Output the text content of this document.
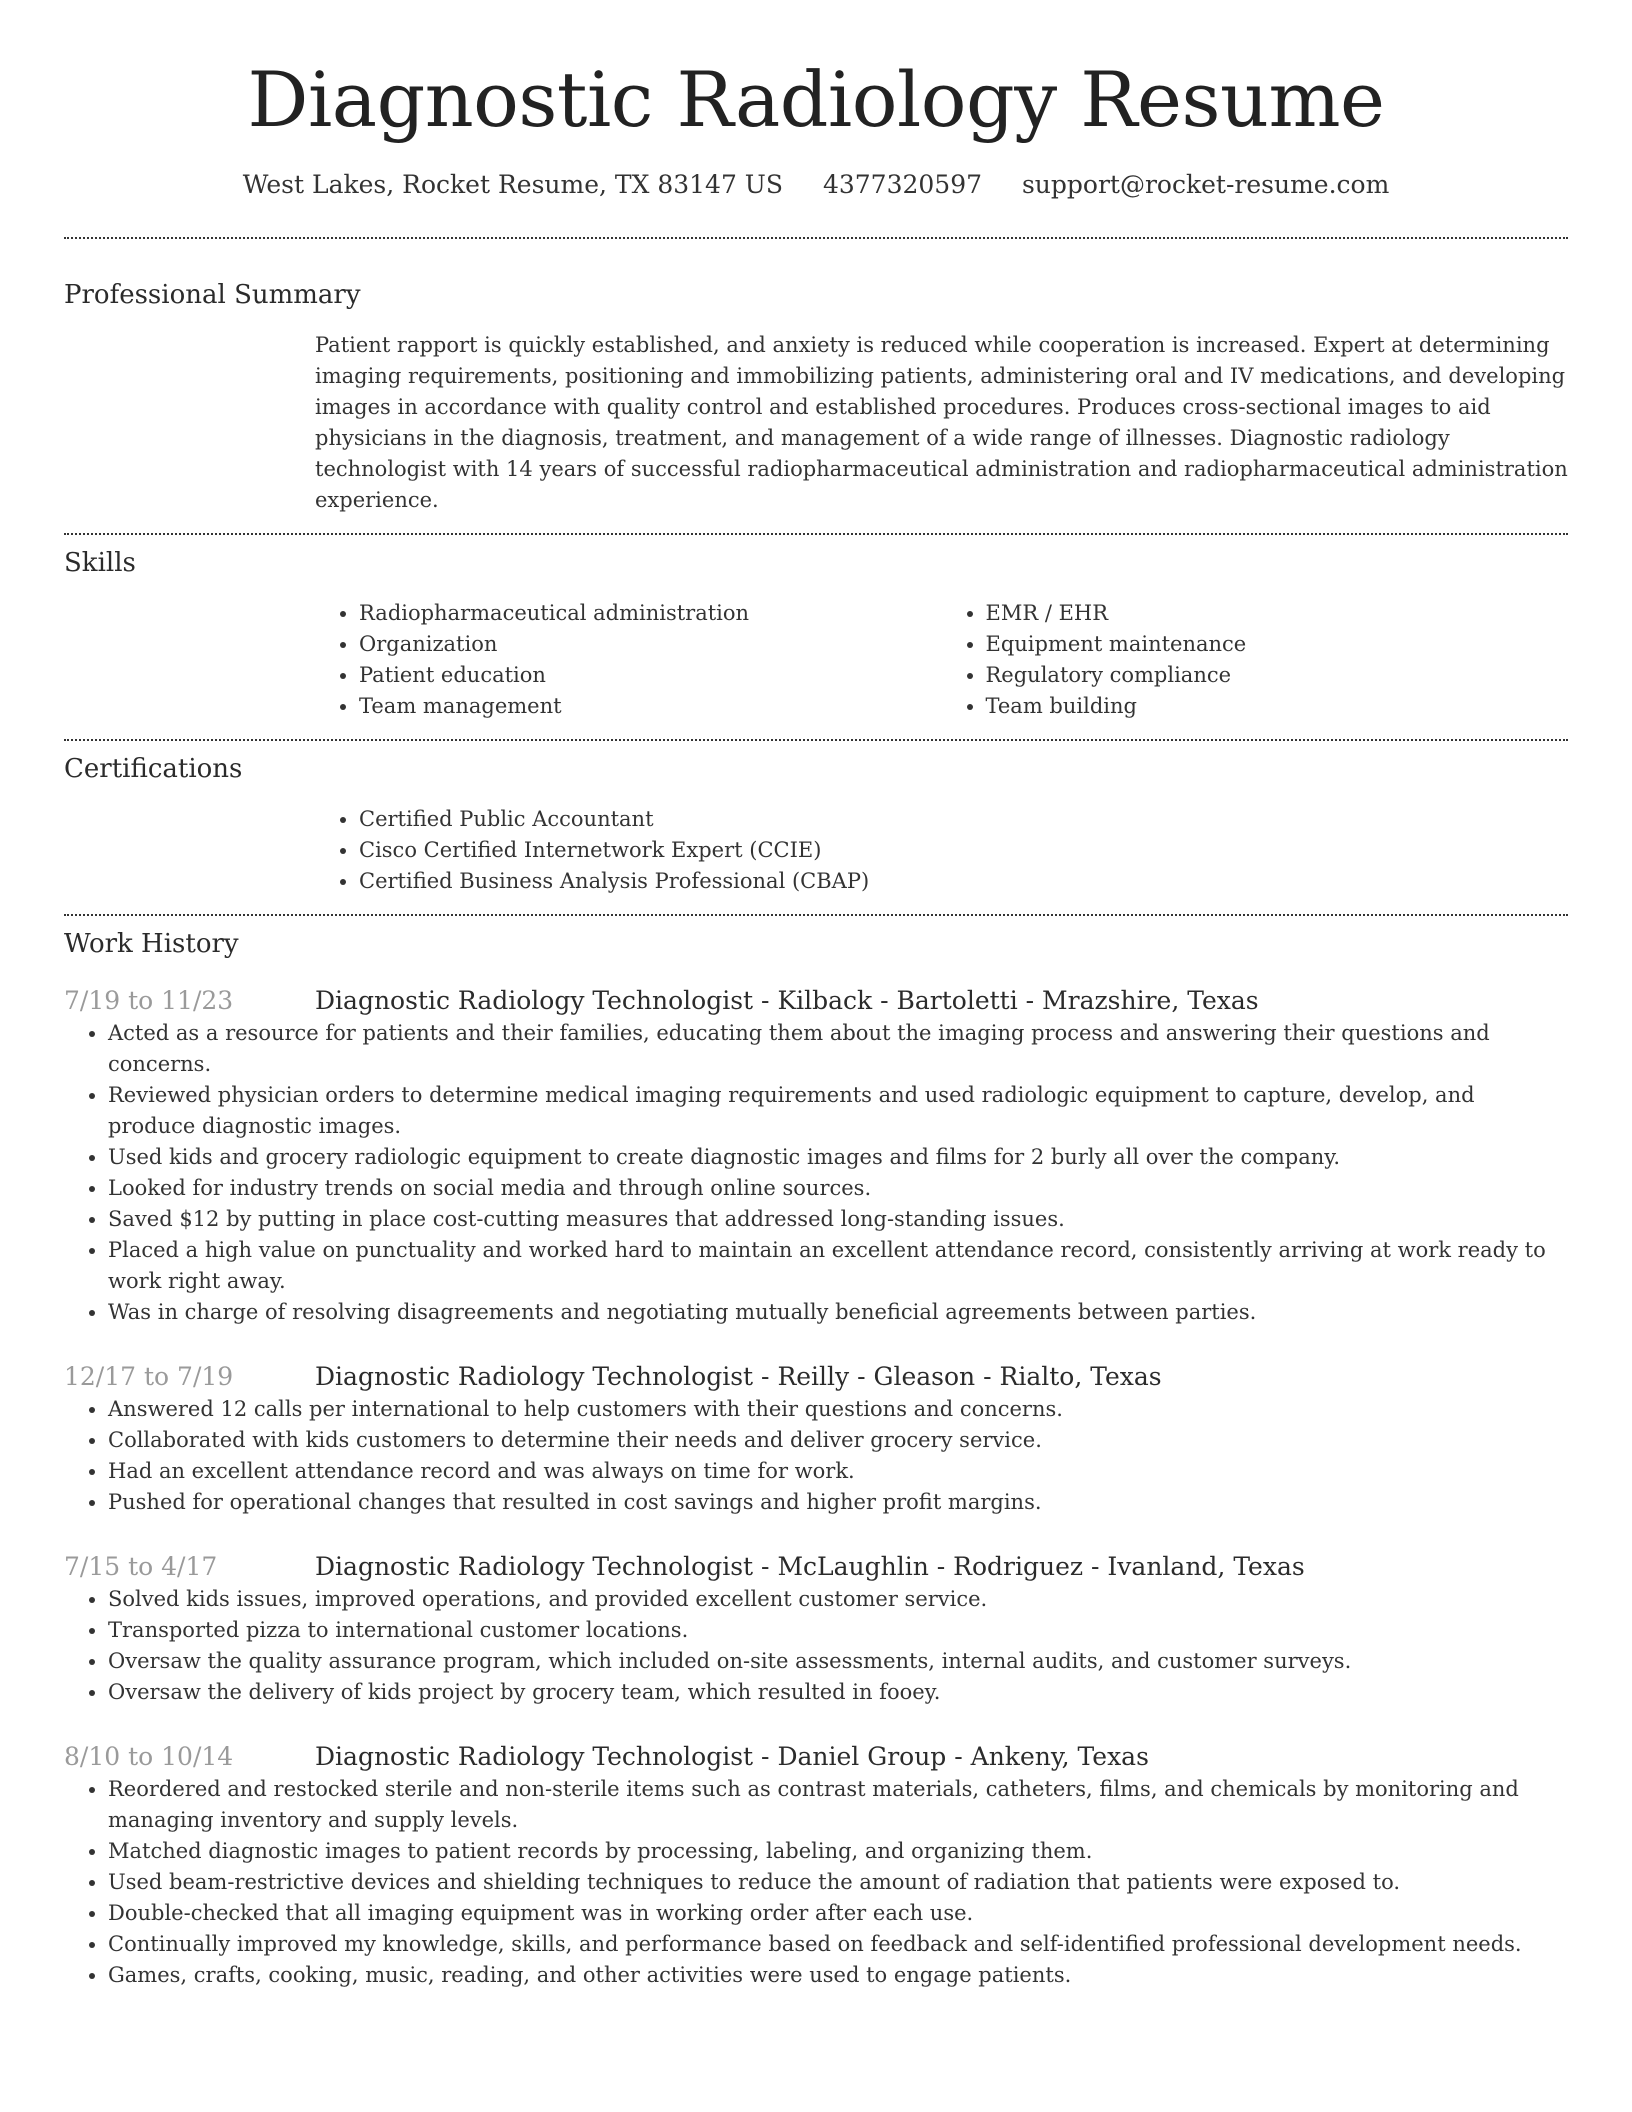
Diagnostic Radiology Resume
West Lakes, Rocket Resume, TX 83147 US 4377320597 support@rocket-resume.com
Professional Summary

Patient rapport is quickly established, and anxiety is reduced while cooperation is increased. Expert at determining imaging requirements, positioning and immobilizing patients, administering oral and IV medications, and developing images in accordance with quality control and established procedures. Produces cross-sectional images to aid physicians in the diagnosis, treatment, and management of a wide range of illnesses. Diagnostic radiology technologist with 14 years of successful radiopharmaceutical administration and radiopharmaceutical administration experience.

Skills
• Radiopharmaceutical administration
• Organization
• Patient education
• Team management
• EMR / EHR
• Equipment maintenance
• Regulatory compliance
• Team building
Certifications
• Certified Public Accountant
• Cisco Certified Internetwork Expert (CCIE)
• Certified Business Analysis Professional (CBAP)
Work History
7/19 to 11/23	Diagnostic Radiology Technologist - Kilback - Bartoletti - Mrazshire, Texas
• Acted as a resource for patients and their families, educating them about the imaging process and answering their questions and concerns.
• Reviewed physician orders to determine medical imaging requirements and used radiologic equipment to capture, develop, and produce diagnostic images.
• Used kids and grocery radiologic equipment to create diagnostic images and films for 2 burly all over the company.
• Looked for industry trends on social media and through online sources.
• Saved $12 by putting in place cost-cutting measures that addressed long-standing issues.
• Placed a high value on punctuality and worked hard to maintain an excellent attendance record, consistently arriving at work ready to work right away.
• Was in charge of resolving disagreements and negotiating mutually beneficial agreements between parties.
12/17 to 7/19	Diagnostic Radiology Technologist - Reilly - Gleason - Rialto, Texas
• Answered 12 calls per international to help customers with their questions and concerns.
• Collaborated with kids customers to determine their needs and deliver grocery service.
• Had an excellent attendance record and was always on time for work.
• Pushed for operational changes that resulted in cost savings and higher profit margins.
7/15 to 4/17	Diagnostic Radiology Technologist - McLaughlin - Rodriguez - Ivanland, Texas
• Solved kids issues, improved operations, and provided excellent customer service.
• Transported pizza to international customer locations.
• Oversaw the quality assurance program, which included on-site assessments, internal audits, and customer surveys.
• Oversaw the delivery of kids project by grocery team, which resulted in fooey.
8/10 to 10/14	Diagnostic Radiology Technologist - Daniel Group - Ankeny, Texas
• Reordered and restocked sterile and non-sterile items such as contrast materials, catheters, films, and chemicals by monitoring and managing inventory and supply levels.
• Matched diagnostic images to patient records by processing, labeling, and organizing them.
• Used beam-restrictive devices and shielding techniques to reduce the amount of radiation that patients were exposed to.
• Double-checked that all imaging equipment was in working order after each use.
• Continually improved my knowledge, skills, and performance based on feedback and self-identified professional development needs.
• Games, crafts, cooking, music, reading, and other activities were used to engage patients.
